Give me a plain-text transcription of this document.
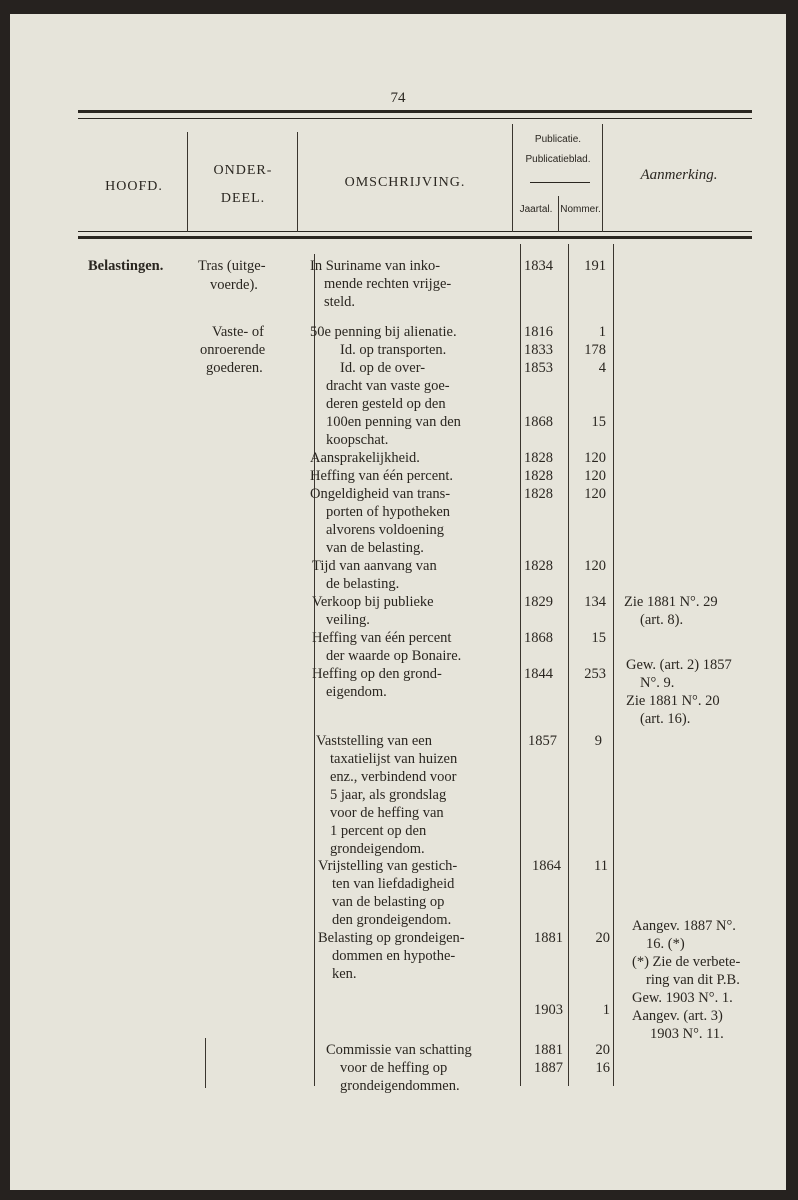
74
HOOFD.
ONDER-
DEEL.
OMSCHRIJVING.
Publicatie.
Publicatieblad.
Jaartal. Nommer.
Aanmerking.
Belastingen. Tras (uitge-
voerde).
Vaste- of
onroerende
goederen.
In Suriname van inko-
mende rechten vrijge-
steld.
50e penning bij alienatie.
Id. op transporten.
Id. op de over-
dracht van vaste goe-
deren gesteld op den
100en penning van den
koopschat.
Aansprakelijkheid.
Heffing van één percent.
Ongeldigheid van trans-
porten of hypotheken
alvorens voldoening
van de belasting.
Tijd van aanvang van
de belasting.
Verkoop bij publieke
veiling.
Heffing van één percent
der waarde op Bonaire.
Heffing op den grond-
eigendom.
Vaststelling van een
taxatielijst van huizen
enz., verbindend voor
5 jaar, als grondslag
voor de heffing van
1 percent op den
grondeigendom.
Vrijstelling van gestich-
ten van liefdadigheid
van de belasting op
den grondeigendom.
Belasting op grondeigen-
dommen en hypothe-
ken.
Commissie van schatting
voor de heffing op
grondeigendommen.
1834
1816
1833
1853
1868
1828
1828
1828
1828
1829
1868
1844
1857
1864
1881
1903
1881
1887
191
1
178
4
15
120
120
120
120
134
15
253
9
11
20
1
20
16
Zie 1881 N°. 29
(art. 8).
Gew. (art. 2) 1857
N°. 9.
Zie 1881 N°. 20
(art. 16).
Aangev. 1887 N°.
16. (*)
(*) Zie de verbete-
ring van dit P.B.
Gew. 1903 N°. 1.
Aangev. (art. 3)
1903 N°. 11.
